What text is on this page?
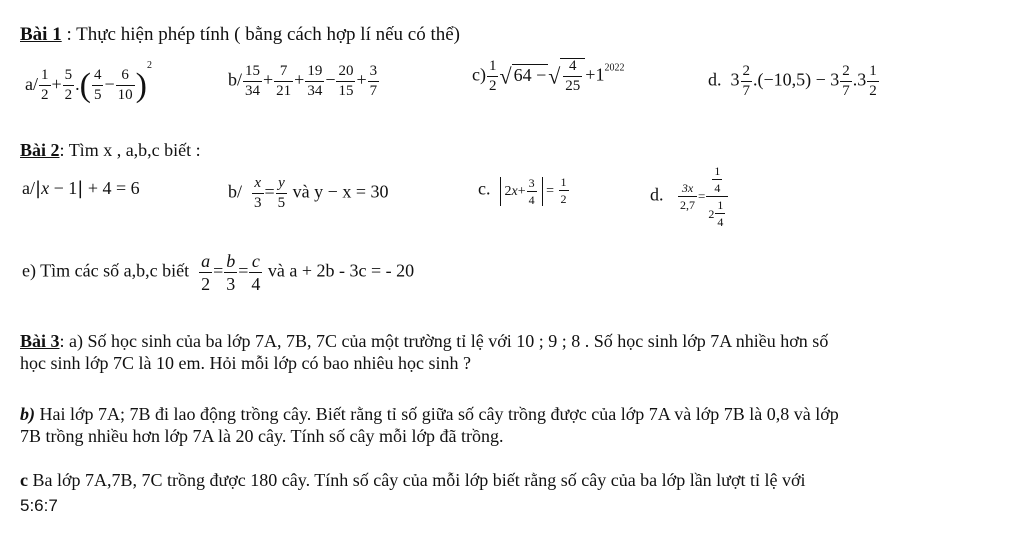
Bài 1 : Thực hiện phép tính ( bằng cách hợp lí nếu có thể)
$a/ \frac{1}{2} + \frac{5}{2}$ .( $\frac{4}{5} - \frac{6}{10} )^2$
$b/ \frac{15}{34} + \frac{7}{21} + \frac{19}{34} - \frac{20}{15} + \frac{3}{7}$	$c) \frac{1}{2}$ √ 64 −√ $\frac{4}{25} +1^{2022}$
d.  $3 \frac{2}{7} .(-10,5) - 3 \frac{2}{7} .3 \frac{1}{2}$
Bài 2: Tìm x , a,b,c biết :
a/|x − 1| + 4 = 6	$b/ \frac{x}{3} = \frac{y}{5}$ và y − x = 30	c. 2 $x + \frac{3}{4} = \frac{1}{2}$	d. $\frac{3x}{2,7} = \frac{\frac{1}{4}}{2 \frac{1}{4}}$
e) Tìm các số a,b,c biết $\frac{a}{2} = \frac{b}{3} = \frac{c}{4}$ và a + 2b - 3c = - 20
Bài 3: a) Số học sinh của ba lớp 7A, 7B, 7C của một trường tỉ lệ với 10 ; 9 ; 8 . Số học sinh lớp 7A nhiều hơn số
học sinh lớp 7C là 10 em. Hỏi mỗi lớp có bao nhiêu học sinh ?
b) Hai lớp 7A; 7B đi lao động trồng cây. Biết rằng tỉ số giữa số cây trồng được của lớp 7A và lớp 7B là 0,8 và lớp
7B trồng nhiều hơn lớp 7A là 20 cây. Tính số cây mỗi lớp đã trồng.
c Ba lớp 7A,7B, 7C trồng được 180 cây. Tính số cây của mỗi lớp biết rằng số cây của ba lớp lần lượt tỉ lệ với
5:6:7
